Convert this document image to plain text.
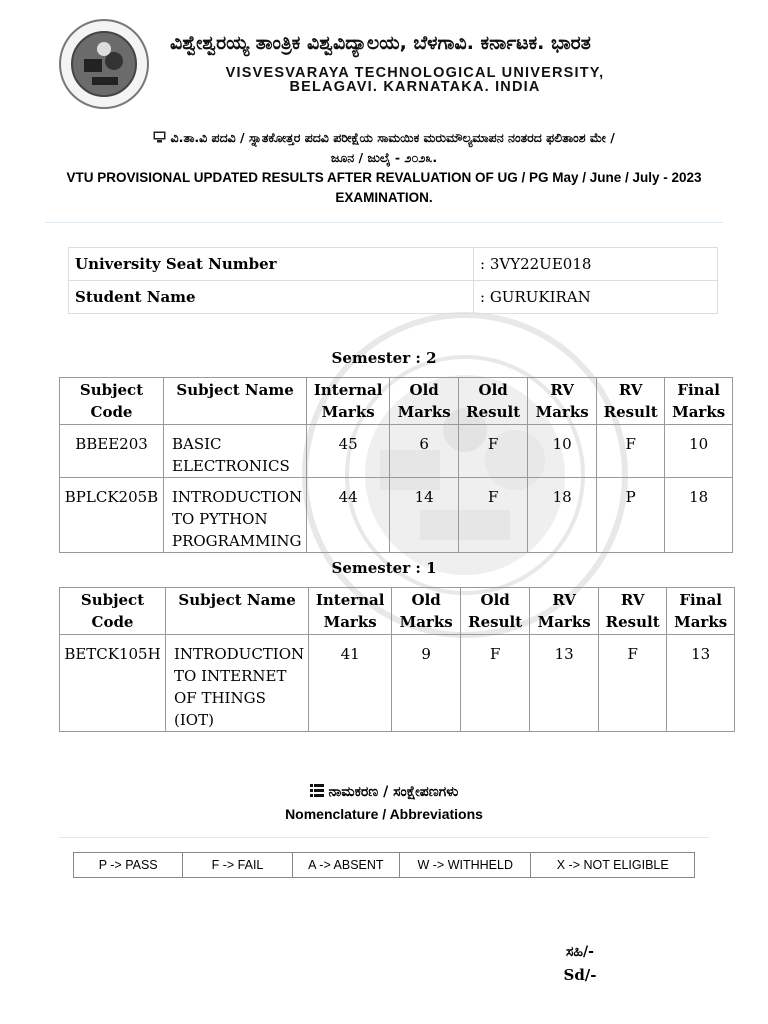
ವಿಶ್ವೇಶ್ವರಯ್ಯ ತಾಂತ್ರಿಕ ವಿಶ್ವವಿದ್ಯಾಲಯ, ಬೆಳಗಾವಿ. ಕರ್ನಾಟಕ. ಭಾರತ
VISVESVARAYA TECHNOLOGICAL UNIVERSITY,
BELAGAVI. KARNATAKA. INDIA
ವಿ.ತಾ.ವಿ ಪದವಿ / ಸ್ನಾತಕೋತ್ತರ ಪದವಿ ಪರೀಕ್ಷೆಯ ಸಾಮಯಿಕ ಮರುಮೌಲ್ಯಮಾಪನ ನಂತರದ ಫಲಿತಾಂಶ ಮೇ /
ಜೂನ / ಜುಲೈ - ೨೦೨೩.
VTU PROVISIONAL UPDATED RESULTS AFTER REVALUATION OF UG / PG May / June / July - 2023
EXAMINATION.
University Seat Number	: 3VY22UE018
Student Name	: GURUKIRAN
Semester : 2
Subject Code	Subject Name	Internal Marks	Old Marks	Old Result	RV Marks	RV Result	Final Marks
BBEE203	BASIC ELECTRONICS	45	6	F	10	F	10
BPLCK205B	INTRODUCTION TO PYTHON PROGRAMMING	44	14	F	18	P	18
Semester : 1
Subject Code	Subject Name	Internal Marks	Old Marks	Old Result	RV Marks	RV Result	Final Marks
BETCK105H	INTRODUCTION TO INTERNET OF THINGS (IOT)	41	9	F	13	F	13
ನಾಮಕರಣ / ಸಂಕ್ಷೇಪಣಗಳು
Nomenclature / Abbreviations
P -> PASS	F -> FAIL	A -> ABSENT	W -> WITHHELD	X -> NOT ELIGIBLE
ಸಹಿ/-
Sd/-
